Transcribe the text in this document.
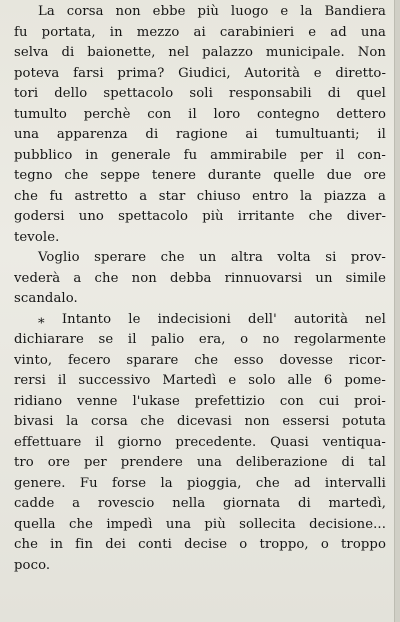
La corsa non ebbe più luogo e la Bandiera
fu portata, in mezzo ai carabinieri e ad una
selva di baionette, nel palazzo municipale. Non
poteva farsi prima? Giudici, Autorità e diretto-
tori dello spettacolo soli responsabili di quel
tumulto perchè con il loro contegno dettero
una apparenza di ragione ai tumultuanti; il
pubblico in generale fu ammirabile per il con-
tegno che seppe tenere durante quelle due ore
che fu astretto a star chiuso entro la piazza a
godersi uno spettacolo più irritante che diver-
tevole.
Voglio sperare che un altra volta si prov-
vederà a che non debba rinnuovarsi un simile
scandalo.
⁎ Intanto le indecisioni dell' autorità nel
dichiarare se il palio era, o no regolarmente
vinto, fecero sparare che esso dovesse ricor-
rersi il successivo Martedì e solo alle 6 pome-
ridiano venne l'ukase prefettizio con cui proi-
bivasi la corsa che dicevasi non essersi potuta
effettuare il giorno precedente. Quasi ventiqua-
tro ore per prendere una deliberazione di tal
genere. Fu forse la pioggia, che ad intervalli
cadde a rovescio nella giornata di martedì,
quella che impedì una più sollecita decisione...
che in fin dei conti decise o troppo, o troppo
poco.
